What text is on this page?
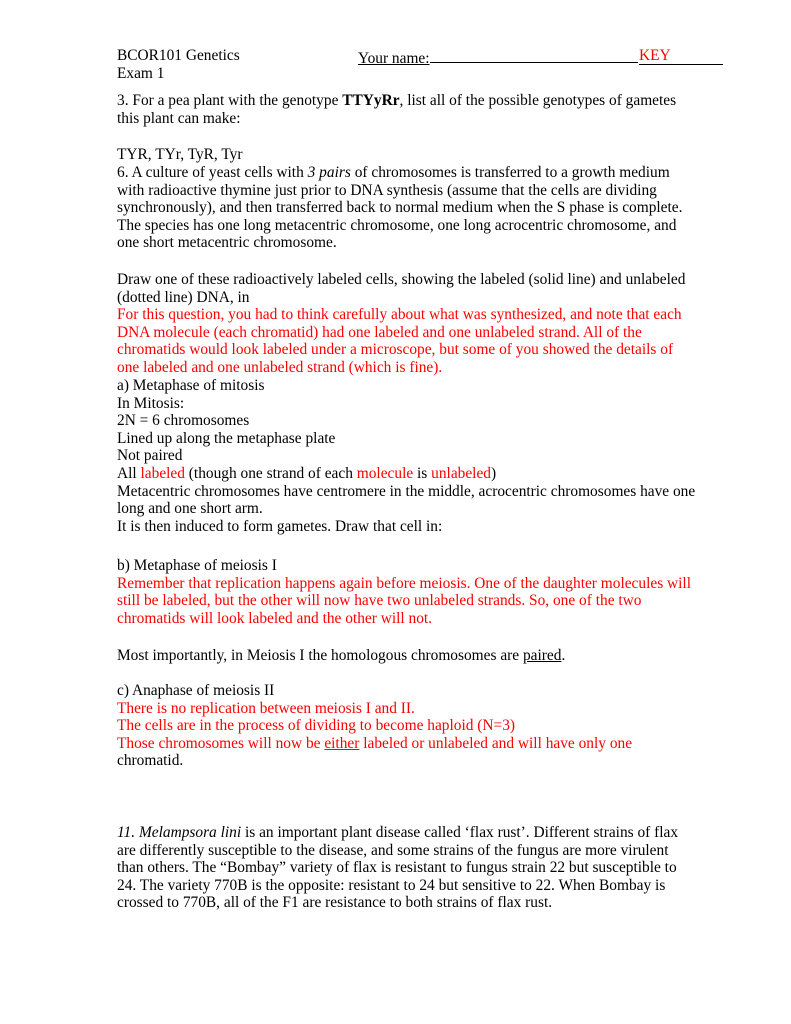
BCOR101 Genetics
Exam 1
Your name:	KEY
3. For a pea plant with the genotype TTYyRr, list all of the possible genotypes of gametes this plant can make:
TYR, TYr, TyR, Tyr
6. A culture of yeast cells with 3 pairs of chromosomes is transferred to a growth medium with radioactive thymine just prior to DNA synthesis (assume that the cells are dividing synchronously), and then transferred back to normal medium when the S phase is complete. The species has one long metacentric chromosome, one long acrocentric chromosome, and one short metacentric chromosome.
Draw one of these radioactively labeled cells, showing the labeled (solid line) and unlabeled (dotted line) DNA, in
For this question, you had to think carefully about what was synthesized, and note that each DNA molecule (each chromatid) had one labeled and one unlabeled strand. All of the chromatids would look labeled under a microscope, but some of you showed the details of one labeled and one unlabeled strand (which is fine).
a) Metaphase of mitosis
In Mitosis:
2N = 6 chromosomes
Lined up along the metaphase plate
Not paired
All labeled (though one strand of each molecule is unlabeled)
Metacentric chromosomes have centromere in the middle, acrocentric chromosomes have one long and one short arm.
It is then induced to form gametes. Draw that cell in:
b) Metaphase of meiosis I
Remember that replication happens again before meiosis. One of the daughter molecules will still be labeled, but the other will now have two unlabeled strands. So, one of the two chromatids will look labeled and the other will not.
Most importantly, in Meiosis I the homologous chromosomes are paired.
c) Anaphase of meiosis II
There is no replication between meiosis I and II.
The cells are in the process of dividing to become haploid (N=3)
Those chromosomes will now be either labeled or unlabeled and will have only one
chromatid.
11. Melampsora lini is an important plant disease called ‘flax rust’. Different strains of flax are differently susceptible to the disease, and some strains of the fungus are more virulent than others. The “Bombay” variety of flax is resistant to fungus strain 22 but susceptible to 24. The variety 770B is the opposite: resistant to 24 but sensitive to 22. When Bombay is crossed to 770B, all of the F1 are resistance to both strains of flax rust.
